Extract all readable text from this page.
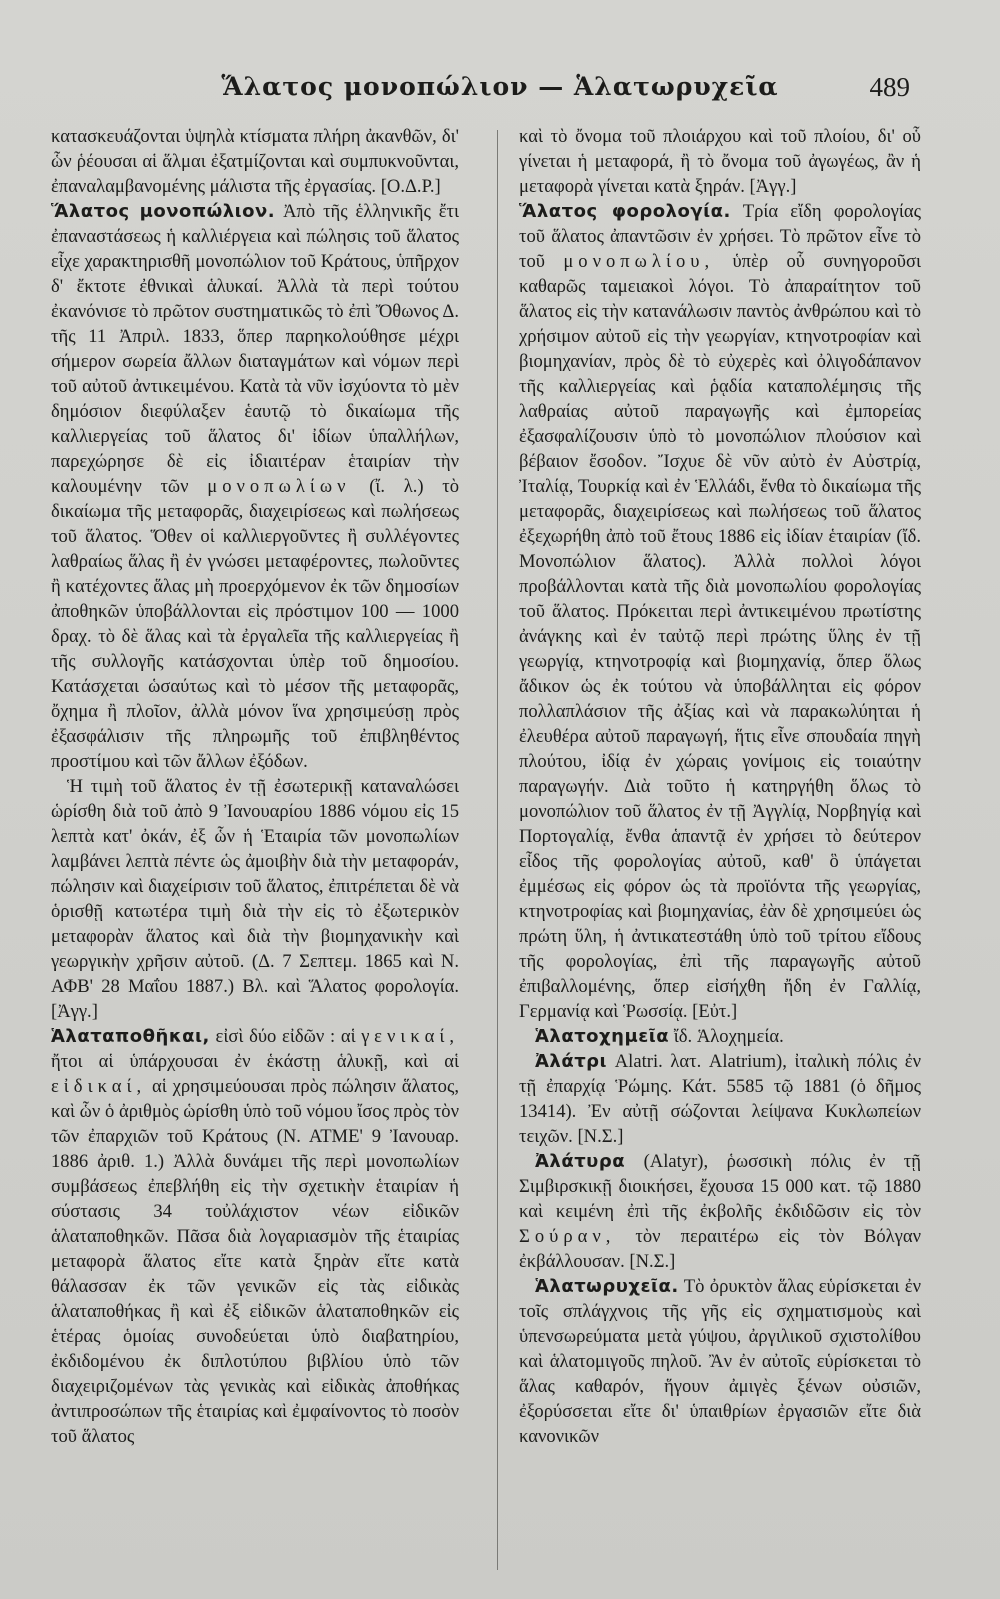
Ἅλατος μονοπώλιον — Ἁλατωρυχεῖα	489

κατασκευάζονται ὑψηλὰ κτίσματα πλήρη ἀκανθῶν, δι' ὧν ῥέουσαι αἱ ἅλμαι ἐξατμίζονται καὶ συμπυκνοῦνται, ἐπαναλαμβανομένης μάλιστα τῆς ἐργασίας. [Ο.Δ.Ρ.]

Ἅλατος μονοπώλιον. Ἀπὸ τῆς ἑλληνικῆς ἔτι ἐπαναστάσεως ἡ καλλιέργεια καὶ πώλησις τοῦ ἅλατος εἶχε χαρακτηρισθῆ μονοπώλιον τοῦ Κράτους, ὑπῆρχον δ' ἔκτοτε ἐθνικαὶ ἁλυκαί. Ἀλλὰ τὰ περὶ τούτου ἐκανόνισε τὸ πρῶτον συστηματικῶς τὸ ἐπὶ Ὄθωνος Δ. τῆς 11 Ἀπριλ. 1833, ὅπερ παρηκολούθησε μέχρι σήμερον σωρεία ἄλλων διαταγμάτων καὶ νόμων περὶ τοῦ αὐτοῦ ἀντικειμένου. Κατὰ τὰ νῦν ἰσχύοντα τὸ μὲν δημόσιον διεφύλαξεν ἑαυτῷ τὸ δικαίωμα τῆς καλλιεργείας τοῦ ἅλατος δι' ἰδίων ὑπαλλήλων, παρεχώρησε δὲ εἰς ἰδιαιτέραν ἑταιρίαν τὴν καλουμένην τῶν μονοπωλίων (ἴ. λ.) τὸ δικαίωμα τῆς μεταφορᾶς, διαχειρίσεως καὶ πωλήσεως τοῦ ἅλατος. Ὅθεν οἱ καλλιεργοῦντες ἢ συλλέγοντες λαθραίως ἅλας ἢ ἐν γνώσει μεταφέροντες, πωλοῦντες ἢ κατέχοντες ἅλας μὴ προερχόμενον ἐκ τῶν δημοσίων ἀποθηκῶν ὑποβάλλονται εἰς πρόστιμον 100 — 1000 δραχ. τὸ δὲ ἅλας καὶ τὰ ἐργαλεῖα τῆς καλλιεργείας ἢ τῆς συλλογῆς κατάσχονται ὑπὲρ τοῦ δημοσίου. Κατάσχεται ὡσαύτως καὶ τὸ μέσον τῆς μεταφορᾶς, ὄχημα ἢ πλοῖον, ἀλλὰ μόνον ἵνα χρησιμεύσῃ πρὸς ἐξασφάλισιν τῆς πληρωμῆς τοῦ ἐπιβληθέντος προστίμου καὶ τῶν ἄλλων ἐξόδων.

Ἡ τιμὴ τοῦ ἅλατος ἐν τῇ ἐσωτερικῇ καταναλώσει ὡρίσθη διὰ τοῦ ἀπὸ 9 Ἰανουαρίου 1886 νόμου εἰς 15 λεπτὰ κατ' ὀκάν, ἐξ ὧν ἡ Ἑταιρία τῶν μονοπωλίων λαμβάνει λεπτὰ πέντε ὡς ἀμοιβὴν διὰ τὴν μεταφοράν, πώλησιν καὶ διαχείρισιν τοῦ ἅλατος, ἐπιτρέπεται δὲ νὰ ὁρισθῇ κατωτέρα τιμὴ διὰ τὴν εἰς τὸ ἐξωτερικὸν μεταφορὰν ἅλατος καὶ διὰ τὴν βιομηχανικὴν καὶ γεωργικὴν χρῆσιν αὐτοῦ. (Δ. 7 Σεπτεμ. 1865 καὶ Ν. ΑΦΒ' 28 Μαΐου 1887.) Βλ. καὶ Ἅλατος φορολογία.[Ἀγγ.]

Ἁλαταποθῆκαι, εἰσὶ δύο εἰδῶν : αἱ γενικαί, ἤτοι αἱ ὑπάρχουσαι ἐν ἑκάστῃ ἁλυκῇ, καὶ αἱ εἰδικαί, αἱ χρησιμεύουσαι πρὸς πώλησιν ἅλατος, καὶ ὧν ὁ ἀριθμὸς ὡρίσθη ὑπὸ τοῦ νόμου ἴσος πρὸς τὸν τῶν ἐπαρχιῶν τοῦ Κράτους (Ν. ΑΤΜΕ' 9 Ἰανουαρ. 1886 ἀριθ. 1.) Ἀλλὰ δυνάμει τῆς περὶ μονοπωλίων συμβάσεως ἐπεβλήθη εἰς τὴν σχετικὴν ἑταιρίαν ἡ σύστασις 34 τοὐλάχιστον νέων εἰδικῶν ἁλαταποθηκῶν. Πᾶσα διὰ λογαριασμὸν τῆς ἑταιρίας μεταφορὰ ἅλατος εἴτε κατὰ ξηρὰν εἴτε κατὰ θάλασσαν ἐκ τῶν γενικῶν εἰς τὰς εἰδικὰς ἁλαταποθήκας ἢ καὶ ἐξ εἰδικῶν ἁλαταποθηκῶν εἰς ἑτέρας ὁμοίας συνοδεύεται ὑπὸ διαβατηρίου, ἐκδιδομένου ἐκ διπλοτύπου βιβλίου ὑπὸ τῶν διαχειριζομένων τὰς γενικὰς καὶ εἰδικὰς ἀποθήκας ἀντιπροσώπων τῆς ἑταιρίας καὶ ἐμφαίνοντος τὸ ποσὸν τοῦ ἅλατος

καὶ τὸ ὄνομα τοῦ πλοιάρχου καὶ τοῦ πλοίου, δι' οὗ γίνεται ἡ μεταφορά, ἢ τὸ ὄνομα τοῦ ἀγωγέως, ἂν ἡ μεταφορὰ γίνεται κατὰ ξηράν. [Ἀγγ.]

Ἅλατος φορολογία. Τρία εἴδη φορολογίας τοῦ ἅλατος ἀπαντῶσιν ἐν χρήσει. Τὸ πρῶτον εἶνε τὸ τοῦ μονοπωλίου, ὑπὲρ οὗ συνηγοροῦσι καθαρῶς ταμειακοὶ λόγοι. Τὸ ἀπαραίτητον τοῦ ἅλατος εἰς τὴν κατανάλωσιν παντὸς ἀνθρώπου καὶ τὸ χρήσιμον αὐτοῦ εἰς τὴν γεωργίαν, κτηνοτροφίαν καὶ βιομηχανίαν, πρὸς δὲ τὸ εὐχερὲς καὶ ὀλιγοδάπανον τῆς καλλιεργείας καὶ ῥᾳδία καταπολέμησις τῆς λαθραίας αὐτοῦ παραγωγῆς καὶ ἐμπορείας ἐξασφαλίζουσιν ὑπὸ τὸ μονοπώλιον πλούσιον καὶ βέβαιον ἔσοδον. Ἴσχυε δὲ νῦν αὐτὸ ἐν Αὐστρίᾳ, Ἰταλίᾳ, Τουρκίᾳ καὶ ἐν Ἑλλάδι, ἔνθα τὸ δικαίωμα τῆς μεταφορᾶς, διαχειρίσεως καὶ πωλήσεως τοῦ ἅλατος ἐξεχωρήθη ἀπὸ τοῦ ἔτους 1886 εἰς ἰδίαν ἑταιρίαν (ἴδ. Μονοπώλιον ἅλατος). Ἀλλὰ πολλοὶ λόγοι προβάλλονται κατὰ τῆς διὰ μονοπωλίου φορολογίας τοῦ ἅλατος. Πρόκειται περὶ ἀντικειμένου πρωτίστης ἀνάγκης καὶ ἐν ταὐτῷ περὶ πρώτης ὕλης ἐν τῇ γεωργίᾳ, κτηνοτροφίᾳ καὶ βιομηχανίᾳ, ὅπερ ὅλως ἄδικον ὡς ἐκ τούτου νὰ ὑποβάλληται εἰς φόρον πολλαπλάσιον τῆς ἀξίας καὶ νὰ παρακωλύηται ἡ ἐλευθέρα αὐτοῦ παραγωγή, ἥτις εἶνε σπουδαία πηγὴ πλούτου, ἰδίᾳ ἐν χώραις γονίμοις εἰς τοιαύτην παραγωγήν. Διὰ τοῦτο ἡ κατηργήθη ὅλως τὸ μονοπώλιον τοῦ ἅλατος ἐν τῇ Ἀγγλίᾳ, Νορβηγίᾳ καὶ Πορτογαλίᾳ, ἔνθα ἁπαντᾷ ἐν χρήσει τὸ δεύτερον εἶδος τῆς φορολογίας αὐτοῦ, καθ' ὃ ὑπάγεται ἐμμέσως εἰς φόρον ὡς τὰ προϊόντα τῆς γεωργίας, κτηνοτροφίας καὶ βιομηχανίας, ἐὰν δὲ χρησιμεύει ὡς πρώτη ὕλη, ἡ ἀντικατεστάθη ὑπὸ τοῦ τρίτου εἴδους τῆς φορολογίας, ἐπὶ τῆς παραγωγῆς αὐτοῦ ἐπιβαλλομένης, ὅπερ εἰσήχθη ἤδη ἐν Γαλλίᾳ, Γερμανίᾳ καὶ Ῥωσσίᾳ. [Εὐτ.]

Ἁλατοχημεῖα ἴδ. Ἁλοχημεία.

Ἀλάτρι Alatri. λατ. Alatrium), ἰταλικὴ πόλις ἐν τῇ ἐπαρχίᾳ Ῥώμης. Κάτ. 5585 τῷ 1881 (ὁ δῆμος 13414). Ἐν αὐτῇ σώζονται λείψανα Κυκλωπείων τειχῶν. [Ν.Σ.]

Ἀλάτυρα (Alatyr), ῥωσσικὴ πόλις ἐν τῇ Σιμβιρσκικῇ διοικήσει, ἔχουσα 15 000 κατ. τῷ 1880 καὶ κειμένη ἐπὶ τῆς ἐκβολῆς ἐκδιδῶσιν εἰς τὸν Σούραν, τὸν περαιτέρω εἰς τὸν Βόλγαν ἐκβάλλουσαν. [Ν.Σ.]

Ἁλατωρυχεῖα. Τὸ ὀρυκτὸν ἅλας εὑρίσκεται ἐν τοῖς σπλάγχνοις τῆς γῆς εἰς σχηματισμοὺς καὶ ὑπενσωρεύματα μετὰ γύψου, ἀργιλικοῦ σχιστολίθου καὶ ἁλατομιγοῦς πηλοῦ. Ἂν ἐν αὐτοῖς εὑρίσκεται τὸ ἅλας καθαρόν, ἥγουν ἀμιγὲς ξένων οὐσιῶν, ἐξορύσσεται εἴτε δι' ὑπαιθρίων ἐργασιῶν εἴτε διὰ κανονικῶν
